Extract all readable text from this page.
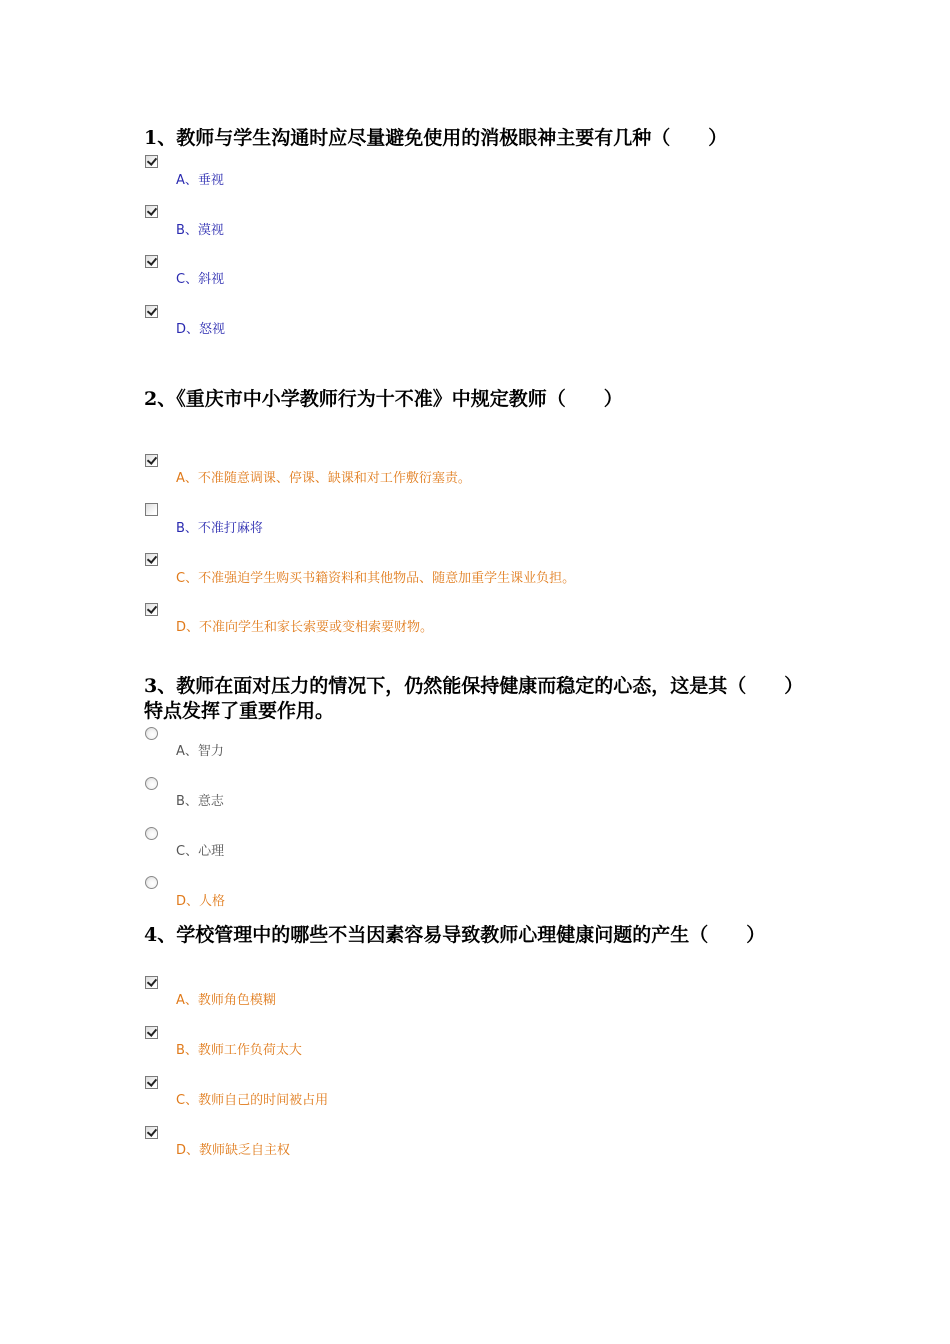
1、教师与学生沟通时应尽量避免使用的消极眼神主要有几种（　　）
A、垂视
B、漠视
C、斜视
D、怒视
2、《重庆市中小学教师行为十不准》中规定教师（　　）
A、不准随意调课、停课、缺课和对工作敷衍塞责。
B、不准打麻将
C、不准强迫学生购买书籍资料和其他物品、随意加重学生课业负担。
D、不准向学生和家长索要或变相索要财物。
3、教师在面对压力的情况下，仍然能保持健康而稳定的心态，这是其（　　）特点发挥了重要作用。
A、智力
B、意志
C、心理
D、人格
4、学校管理中的哪些不当因素容易导致教师心理健康问题的产生（　　）
A、教师角色模糊
B、教师工作负荷太大
C、教师自己的时间被占用
D、教师缺乏自主权
